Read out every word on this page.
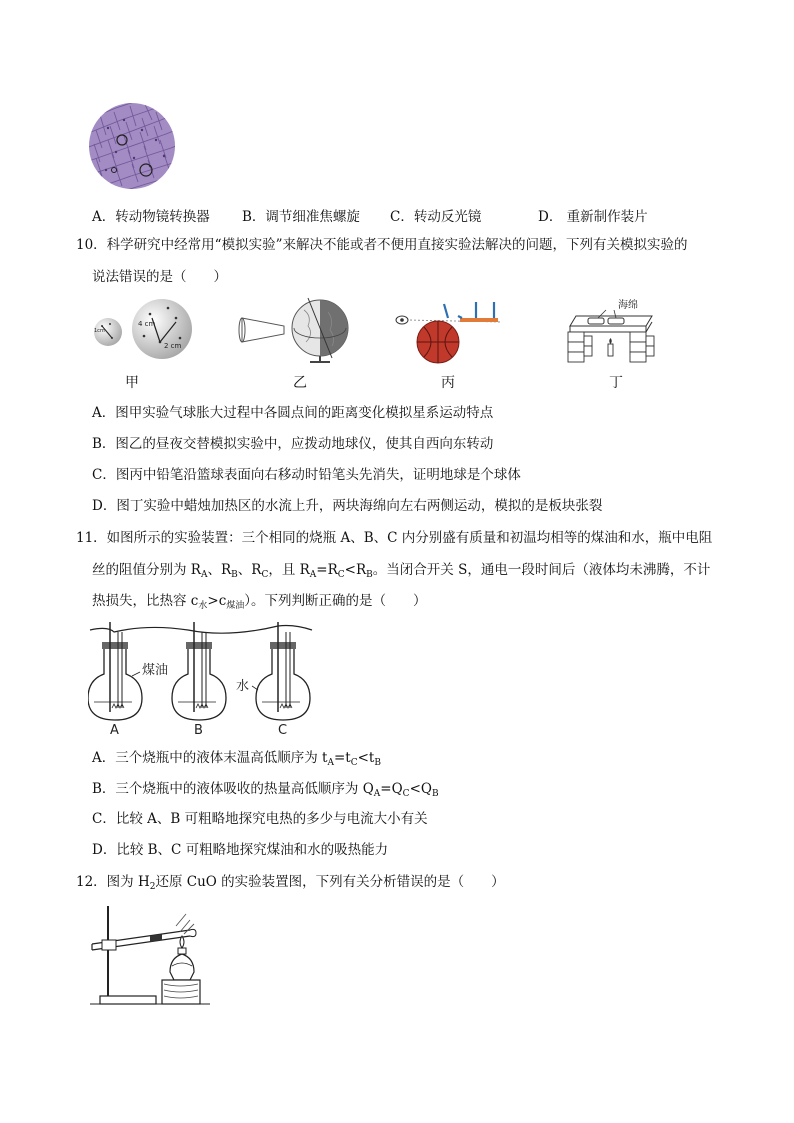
A．转动物镜转换器 B．调节细准焦螺旋 C．转动反光镜	D． 重新制作装片
10．科学研究中经常用“模拟实验”来解决不能或者不便用直接实验法解决的问题，下列有关模拟实验的
说法错误的是（　　）
1cm
4 cm
2 cm
海绵
甲	乙	丙	丁
A．图甲实验气球胀大过程中各圆点间的距离变化模拟星系运动特点
B．图乙的昼夜交替模拟实验中，应拨动地球仪，使其自西向东转动
C．图丙中铅笔沿篮球表面向右移动时铅笔头先消失，证明地球是个球体
D．图丁实验中蜡烛加热区的水流上升，两块海绵向左右两侧运动，模拟的是板块张裂
11．如图所示的实验装置：三个相同的烧瓶 A、B、C 内分别盛有质量和初温均相等的煤油和水，瓶中电阻
丝的阻值分别为 $R_A$、$R_B$、$R_C$，且 $R_A=R_C<R_B$。当闭合开关 S，通电一段时间后（液体均未沸腾，不计
热损失，比热容 $c_水>c_{煤油}$）。下列判断正确的是（　　）
煤油
水
A	B	C
A．三个烧瓶中的液体末温高低顺序为 $t_A=t_C<t_B$
B．三个烧瓶中的液体吸收的热量高低顺序为 $Q_A=Q_C<Q_B$
C．比较 A、B 可粗略地探究电热的多少与电流大小有关
D．比较 B、C 可粗略地探究煤油和水的吸热能力
12．图为 $H_2$还原 CuO 的实验装置图，下列有关分析错误的是（　　）
